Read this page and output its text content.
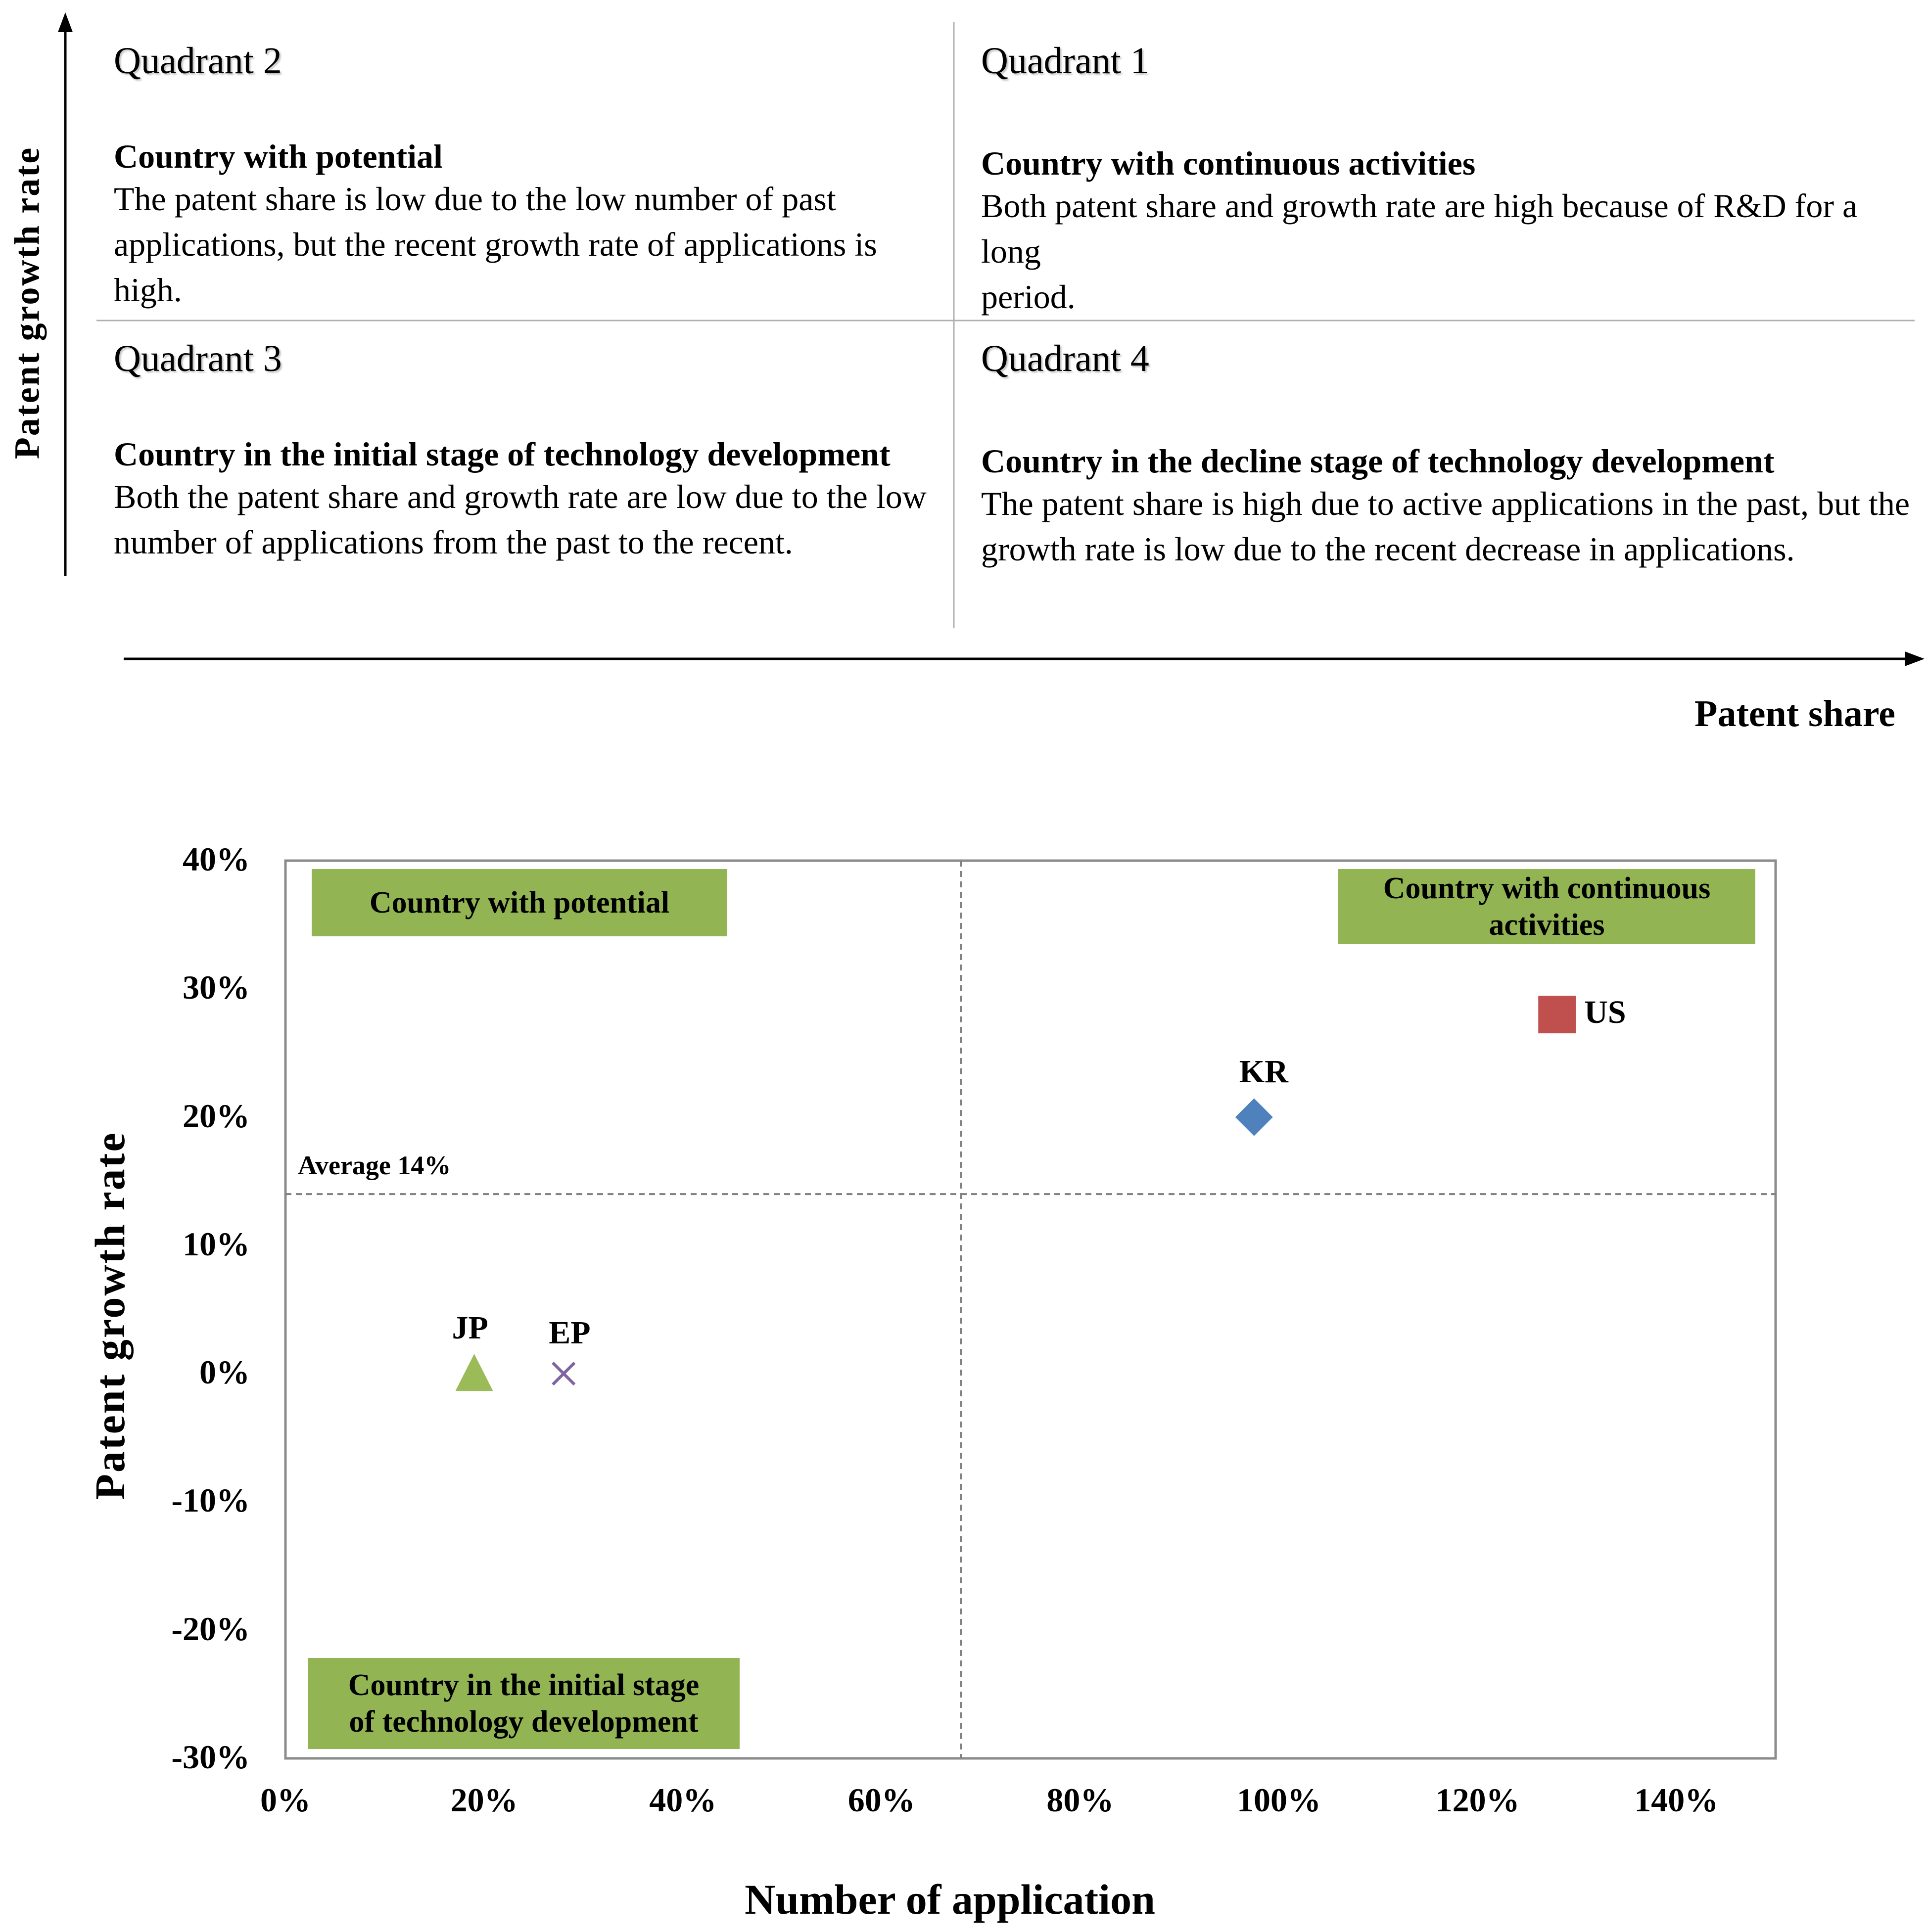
Patent growth rate
Patent share
Quadrant 2
Country with potential
The patent share is low due to the low number of past
applications, but the recent growth rate of applications is high.
Quadrant 1
Country with continuous activities
Both patent share and growth rate are high because of R&D for a long
period.
Quadrant 3
Country in the initial stage of technology development
Both the patent share and growth rate are low due to the low
number of applications from the past to the recent.
Quadrant 4
Country in the decline stage of technology development
The patent share is high due to active applications in the past, but the
growth rate is low due to the recent decrease in applications.
Patent growth rate
Number of application
Average 14%
Country with potential	Country with continuous
activities
Country in the initial stage
of technology development
40%
30%
20%
10%
0%
-10%
-20%
-30%
0%	20%	40%	60%	80%	100%	120%	140%
US
KR
JP EP
